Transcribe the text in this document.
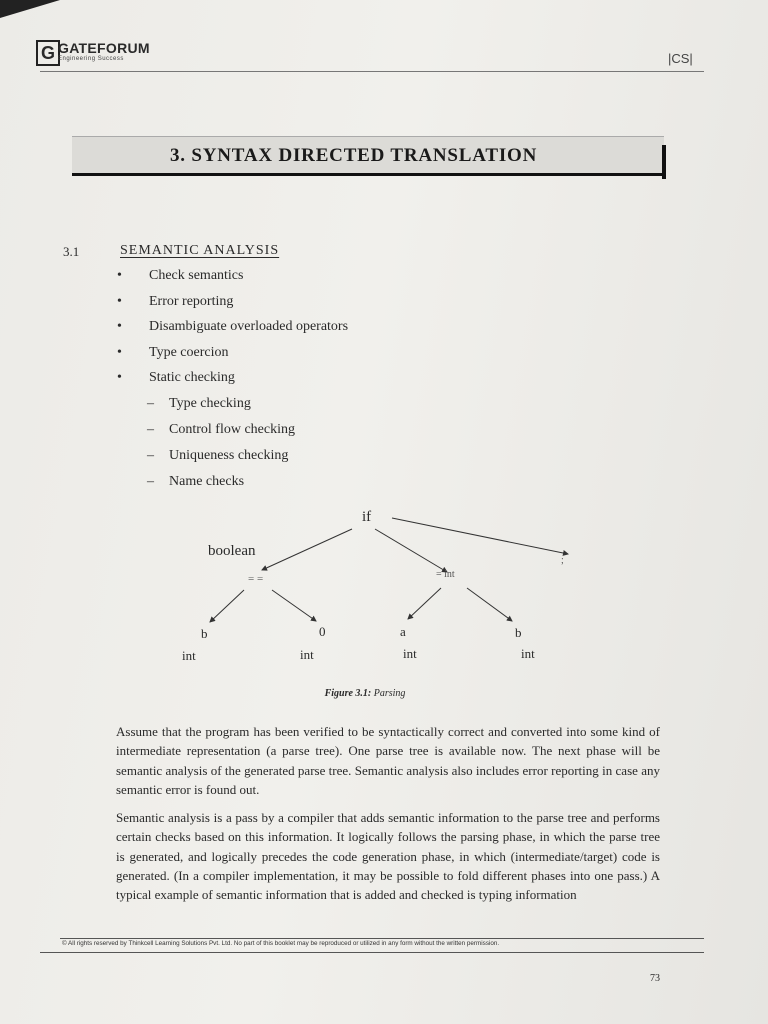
G GATEFORUM
Engineering Success	|CS|
3. SYNTAX DIRECTED TRANSLATION
3.1	SEMANTIC ANALYSIS
• Check semantics
• Error reporting
• Disambiguate overloaded operators
• Type coercion
• Static checking
– Type checking
– Control flow checking
– Uniqueness checking
– Name checks
if
boolean
= =	= int
;
b	0	a	b
int	int	int	int
Figure 3.1: Parsing

Assume that the program has been verified to be syntactically correct and converted into some kind of intermediate representation (a parse tree). One parse tree is available now. The next phase will be semantic analysis of the generated parse tree. Semantic analysis also includes error reporting in case any semantic error is found out.

Semantic analysis is a pass by a compiler that adds semantic information to the parse tree and performs certain checks based on this information. It logically follows the parsing phase, in which the parse tree is generated, and logically precedes the code generation phase, in which (intermediate/target) code is generated. (In a compiler implementation, it may be possible to fold different phases into one pass.) A typical example of semantic information that is added and checked is typing information

© All rights reserved by Thinkcell Learning Solutions Pvt. Ltd. No part of this booklet may be reproduced or utilized in any form without the written permission.
73
